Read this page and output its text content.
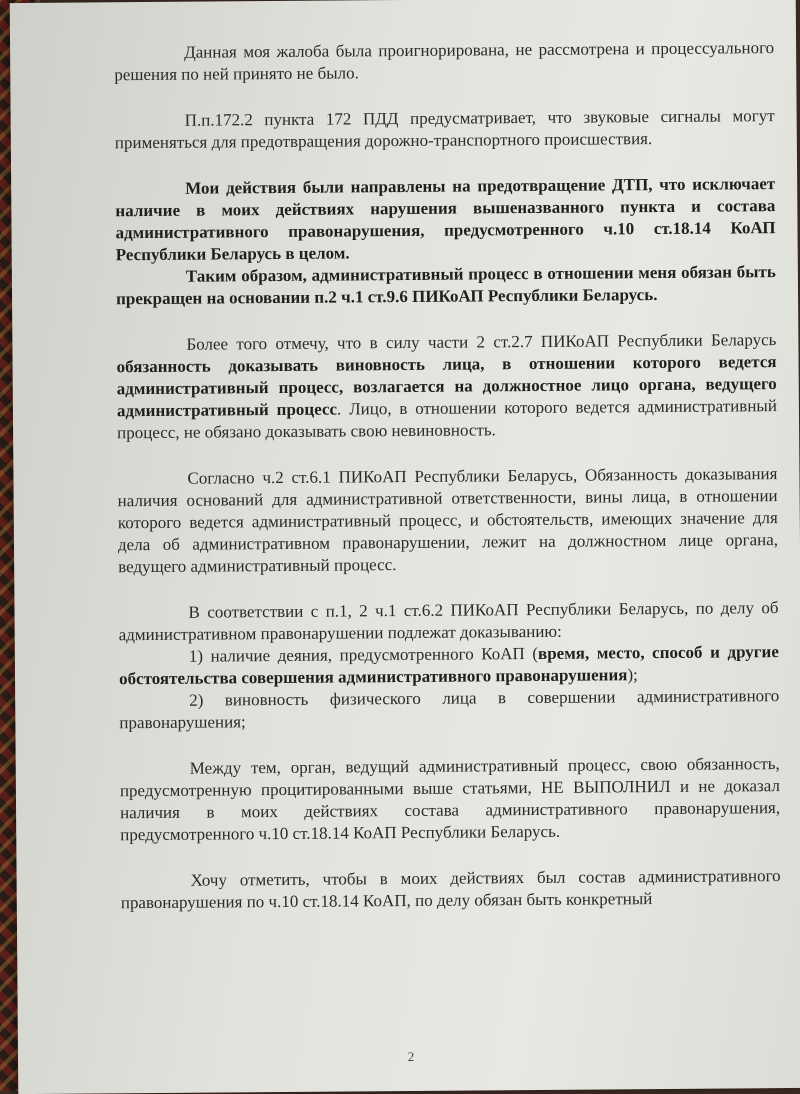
Данная моя жалоба была проигнорирована, не рассмотрена и процессуального решения по ней принято не было.

П.п.172.2 пункта 172 ПДД предусматривает, что звуковые сигналы могут применяться для предотвращения дорожно-транспортного происшествия.

Мои действия были направлены на предотвращение ДТП, что исключает наличие в моих действиях нарушения вышеназванного пункта и состава административного правонарушения, предусмотренного ч.10 ст.18.14 КоАП Республики Беларусь в целом.

Таким образом, административный процесс в отношении меня обязан быть прекращен на основании п.2 ч.1 ст.9.6 ПИКоАП Республики Беларусь.

Более того отмечу, что в силу части 2 ст.2.7 ПИКоАП Республики Беларусь обязанность доказывать виновность лица, в отношении которого ведется административный процесс, возлагается на должностное лицо органа, ведущего административный процесс. Лицо, в отношении которого ведется административный процесс, не обязано доказывать свою невиновность.

Согласно ч.2 ст.6.1 ПИКоАП Республики Беларусь, Обязанность доказывания наличия оснований для административной ответственности, вины лица, в отношении которого ведется административный процесс, и обстоятельств, имеющих значение для дела об административном правонарушении, лежит на должностном лице органа, ведущего административный процесс.

В соответствии с п.1, 2 ч.1 ст.6.2 ПИКоАП Республики Беларусь, по делу об административном правонарушении подлежат доказыванию:

1) наличие деяния, предусмотренного КоАП (время, место, способ и другие обстоятельства совершения административного правонарушения);

2) виновность физического лица в совершении административного правонарушения;

Между тем, орган, ведущий административный процесс, свою обязанность, предусмотренную процитированными выше статьями, НЕ ВЫПОЛНИЛ и не доказал наличия в моих действиях состава административного правонарушения, предусмотренного ч.10 ст.18.14 КоАП Республики Беларусь.

Хочу отметить, чтобы в моих действиях был состав административного правонарушения по ч.10 ст.18.14 КоАП, по делу обязан быть конкретный

2
